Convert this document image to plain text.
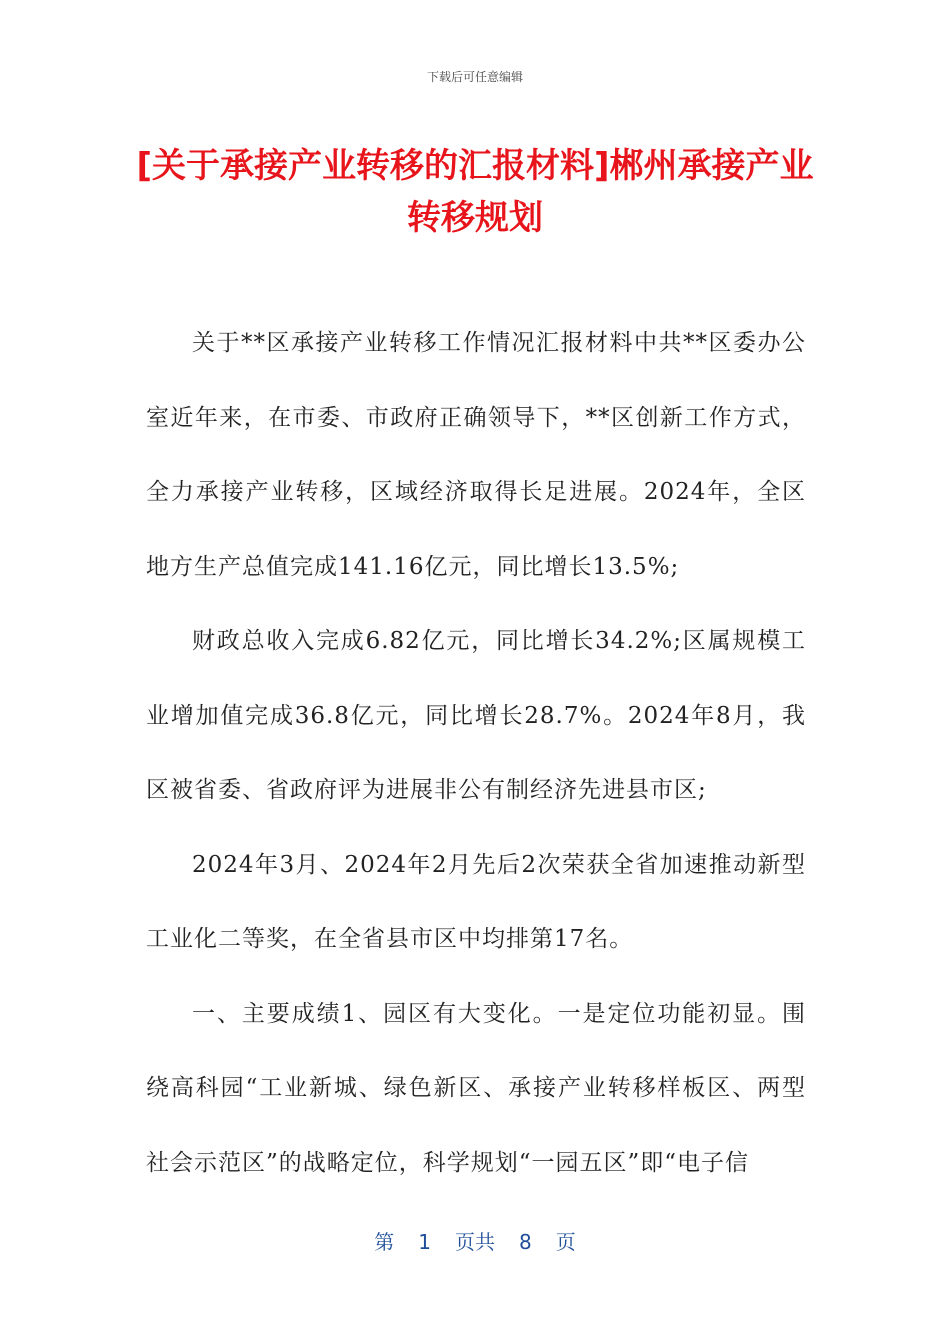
下载后可任意编辑
[关于承接产业转移的汇报材料]郴州承接产业转移规划

关于**区承接产业转移工作情况汇报材料中共**区委办公室近年来，在市委、市政府正确领导下，**区创新工作方式，全力承接产业转移，区域经济取得长足进展。2024年，全区地方生产总值完成141.16亿元，同比增长13.5%;

财政总收入完成6.82亿元，同比增长34.2%;区属规模工业增加值完成36.8亿元，同比增长28.7%。2024年8月，我区被省委、省政府评为进展非公有制经济先进县市区;

2024年3月、2024年2月先后2次荣获全省加速推动新型工业化二等奖，在全省县市区中均排第17名。

一、主要成绩1、园区有大变化。一是定位功能初显。围绕高科园“工业新城、绿色新区、承接产业转移样板区、两型社会示范区”的战略定位，科学规划“一园五区”即“电子信

第 1 页共 8 页
